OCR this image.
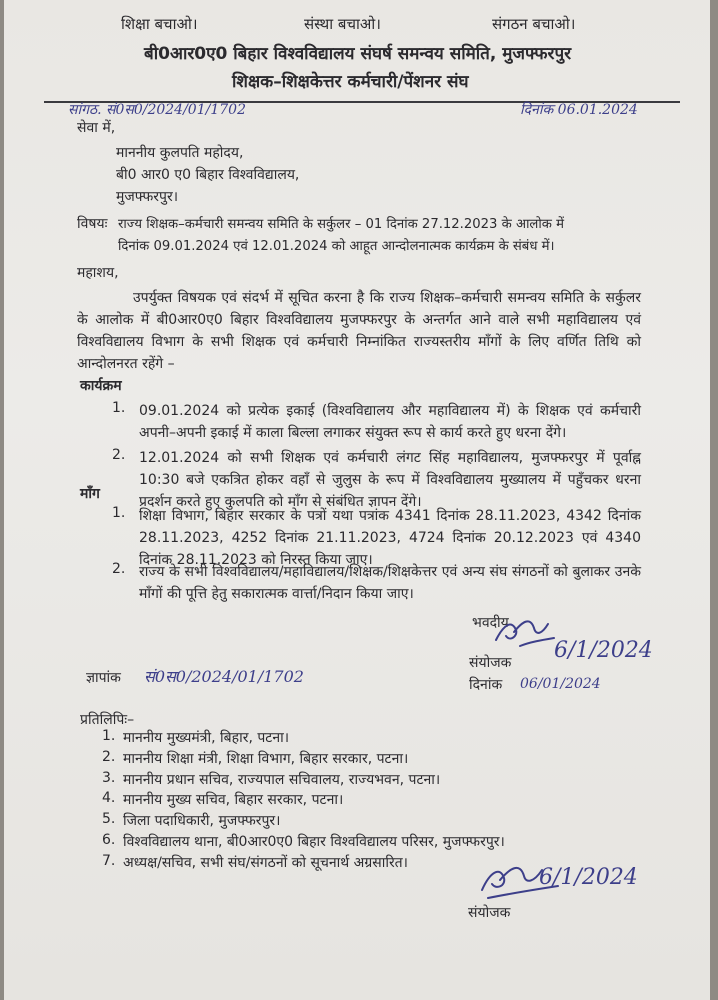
शिक्षा बचाओ।	संस्था बचाओ।	संगठन बचाओ।
बी0आर0ए0 बिहार विश्वविद्यालय संघर्ष समन्वय समिति, मुजफ्फरपुर
शिक्षक–शिक्षकेत्तर कर्मचारी/पेंशनर संघ
सांगठ. सं0स0/2024/01/1702	दिनांक 06.01.2024
सेवा में,
माननीय कुलपति महोदय,
बी0 आर0 ए0 बिहार विश्वविद्यालय,
मुजफ्फरपुर।
विषयः राज्य शिक्षक–कर्मचारी समन्वय समिति के सर्कुलर – 01 दिनांक 27.12.2023 के आलोक में
दिनांक 09.01.2024 एवं 12.01.2024 को आहूत आन्दोलनात्मक कार्यक्रम के संबंध में।
महाशय,
उपर्युक्त विषयक एवं संदर्भ में सूचित करना है कि राज्य शिक्षक–कर्मचारी समन्वय समिति के सर्कुलर के आलोक में बी0आर0ए0 बिहार विश्वविद्यालय मुजफ्फरपुर के अन्तर्गत आने वाले सभी महाविद्यालय एवं विश्वविद्यालय विभाग के सभी शिक्षक एवं कर्मचारी निम्नांकित राज्यस्तरीय माँगों के लिए वर्णित तिथि को आन्दोलनरत रहेंगे –
कार्यक्रम
1. 09.01.2024 को प्रत्येक इकाई (विश्वविद्यालय और महाविद्यालय में) के शिक्षक एवं कर्मचारी अपनी–अपनी इकाई में काला बिल्ला लगाकर संयुक्त रूप से कार्य करते हुए धरना देंगे।
2. 12.01.2024 को सभी शिक्षक एवं कर्मचारी लंगट सिंह महाविद्यालय, मुजफ्फरपुर में पूर्वाह्न 10:30 बजे एकत्रित होकर वहाँ से जुलुस के रूप में विश्वविद्यालय मुख्यालय में पहुँचकर धरना प्रदर्शन करते हुए कुलपति को माँग से संबंधित ज्ञापन देंगे।
माँग
1. शिक्षा विभाग, बिहार सरकार के पत्रों यथा पत्रांक 4341 दिनांक 28.11.2023, 4342 दिनांक 28.11.2023, 4252 दिनांक 21.11.2023, 4724 दिनांक 20.12.2023 एवं 4340 दिनांक 28.11.2023 को निरस्त किया जाए।
2. राज्य के सभी विश्वविद्यालय/महाविद्यालय/शिक्षक/शिक्षकेत्तर एवं अन्य संघ संगठनों को बुलाकर उनके माँगों की पूत्ति हेतु सकारात्मक वार्त्ता/निदान किया जाए।
भवदीय
संयोजक 6/1/2024
दिनांक 06/01/2024
ज्ञापांक सं0स0/2024/01/1702
प्रतिलिपिः–
1. माननीय मुख्यमंत्री, बिहार, पटना।
2. माननीय शिक्षा मंत्री, शिक्षा विभाग, बिहार सरकार, पटना।
3. माननीय प्रधान सचिव, राज्यपाल सचिवालय, राज्यभवन, पटना।
4. माननीय मुख्य सचिव, बिहार सरकार, पटना।
5. जिला पदाधिकारी, मुजफ्फरपुर।
6. विश्वविद्यालय थाना, बी0आर0ए0 बिहार विश्वविद्यालय परिसर, मुजफ्फरपुर।
7. अध्यक्ष/सचिव, सभी संघ/संगठनों को सूचनार्थ अग्रसारित।
6/1/2024
संयोजक
